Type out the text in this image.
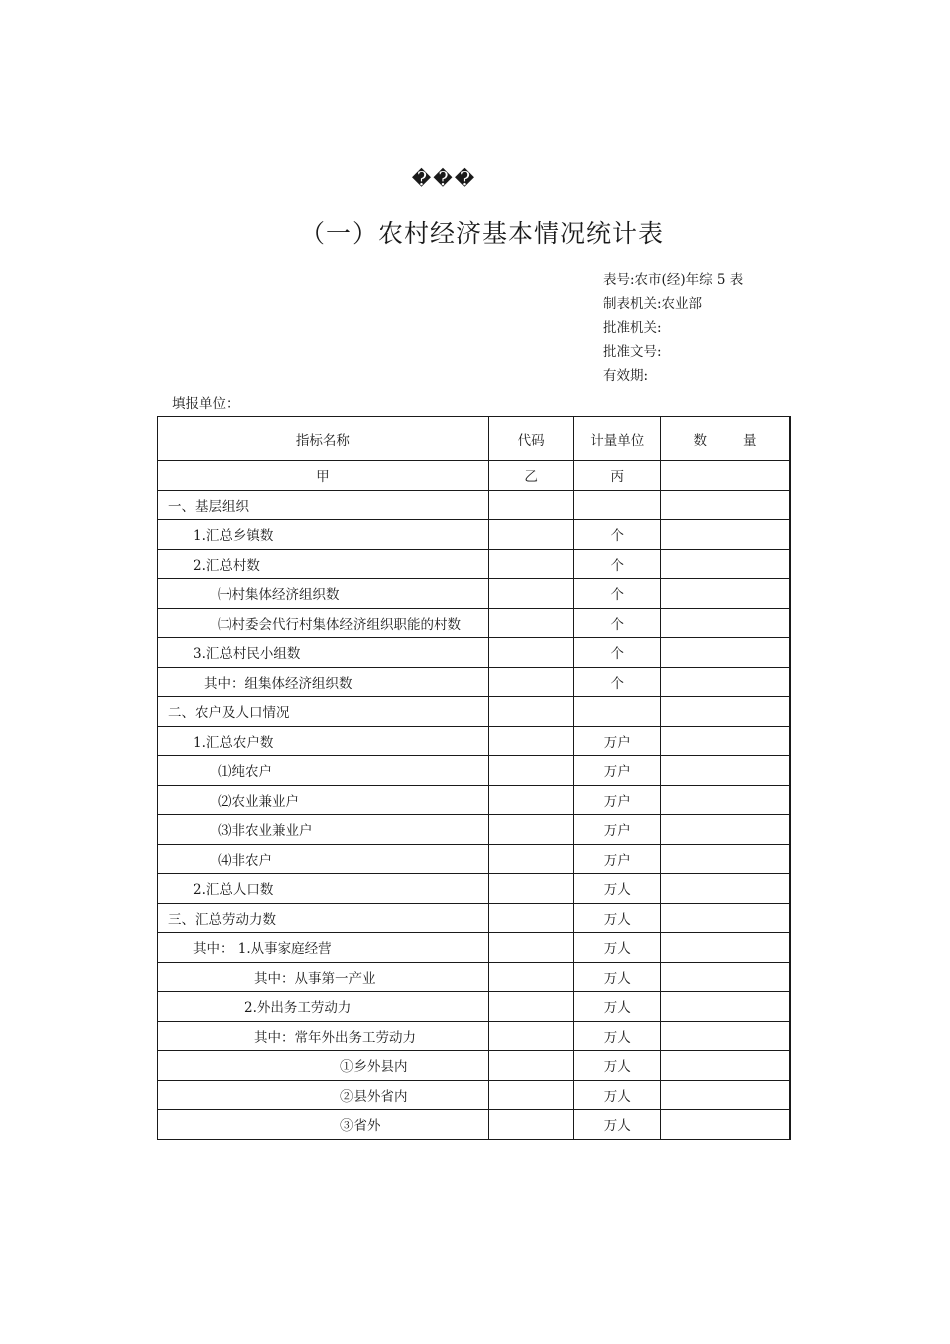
���
（一）农村经济基本情况统计表
表号:农市(经)年综 5 表
制表机关:农业部
批准机关:
批准文号:
有效期:
填报单位：
指标名称	代码	计量单位	数 量
甲	乙	丙	
一、基层组织			
1.汇总乡镇数		个	
2.汇总村数		个	
㈠村集体经济组织数		个	
㈡村委会代行村集体经济组织职能的村数		个	
3.汇总村民小组数		个	
其中：组集体经济组织数		个	
二、农户及人口情况			
1.汇总农户数		万户	
⑴纯农户		万户	
⑵农业兼业户		万户	
⑶非农业兼业户		万户	
⑷非农户		万户	
2.汇总人口数		万人	
三、汇总劳动力数		万人	
其中： 1.从事家庭经营		万人	
其中：从事第一产业		万人	
2.外出务工劳动力		万人	
其中：常年外出务工劳动力		万人	
①乡外县内		万人	
②县外省内		万人	
③省外		万人	
